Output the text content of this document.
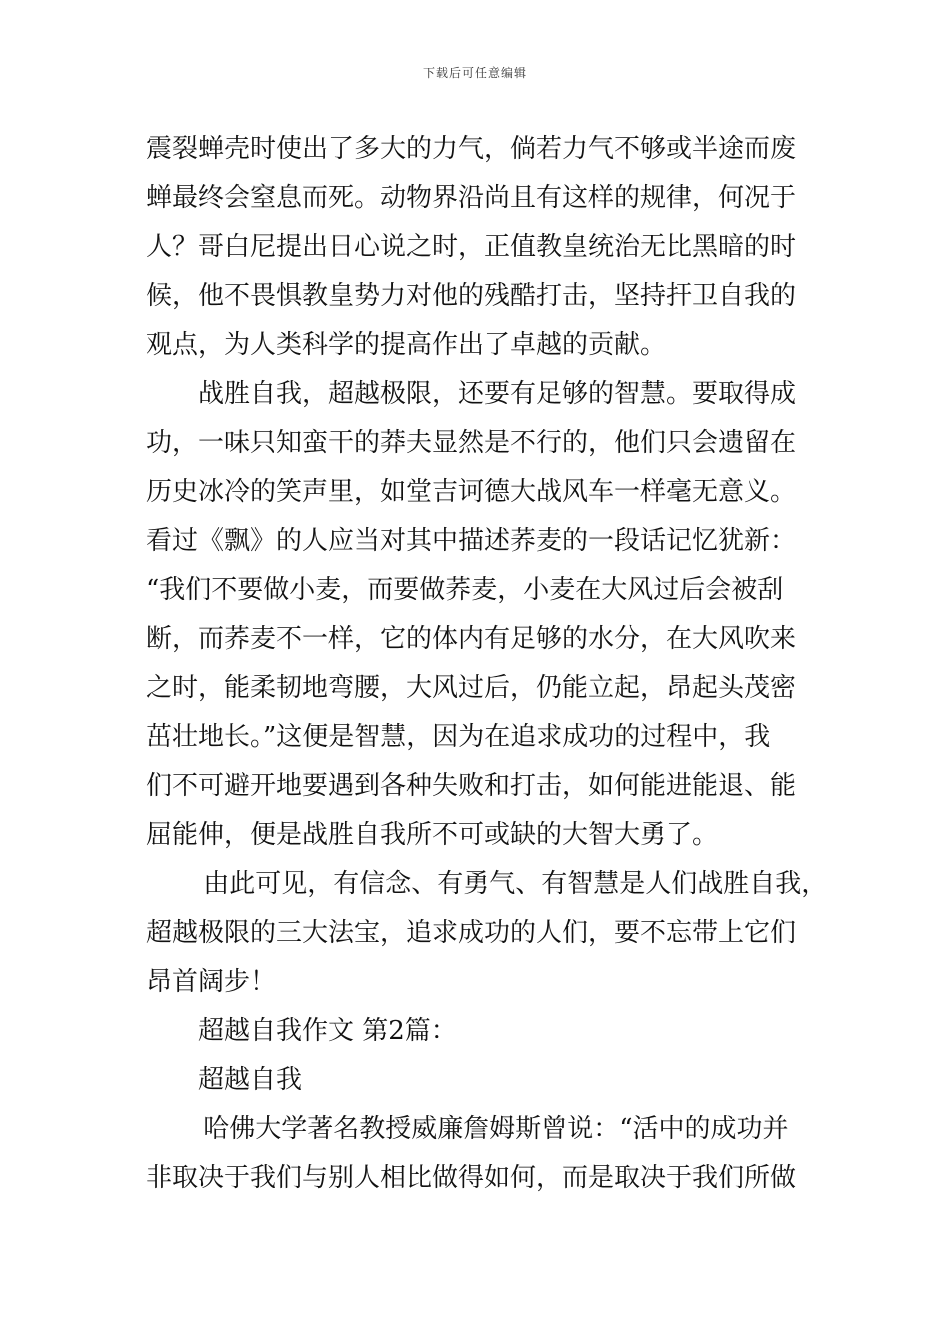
下载后可任意编辑
震裂蝉壳时使出了多大的力气，倘若力气不够或半途而废
蝉最终会窒息而死。动物界沿尚且有这样的规律，何况于
人？哥白尼提出日心说之时，正值教皇统治无比黑暗的时
候，他不畏惧教皇势力对他的残酷打击，坚持扞卫自我的
观点，为人类科学的提高作出了卓越的贡献。
战胜自我，超越极限，还要有足够的智慧。要取得成
功，一味只知蛮干的莽夫显然是不行的，他们只会遗留在
历史冰冷的笑声里，如堂吉诃德大战风车一样毫无意义。
看过《飘》的人应当对其中描述荞麦的一段话记忆犹新：
“我们不要做小麦，而要做荞麦，小麦在大风过后会被刮
断，而荞麦不一样，它的体内有足够的水分，在大风吹来
之时，能柔韧地弯腰，大风过后，仍能立起，昂起头茂密
茁壮地长。”这便是智慧，因为在追求成功的过程中，我
们不可避开地要遇到各种失败和打击，如何能进能退、能
屈能伸，便是战胜自我所不可或缺的大智大勇了。
由此可见，有信念、有勇气、有智慧是人们战胜自我，
超越极限的三大法宝，追求成功的人们，要不忘带上它们
昂首阔步！
超越自我作文 第2篇：
超越自我
哈佛大学著名教授威廉詹姆斯曾说：“活中的成功并
非取决于我们与别人相比做得如何，而是取决于我们所做
